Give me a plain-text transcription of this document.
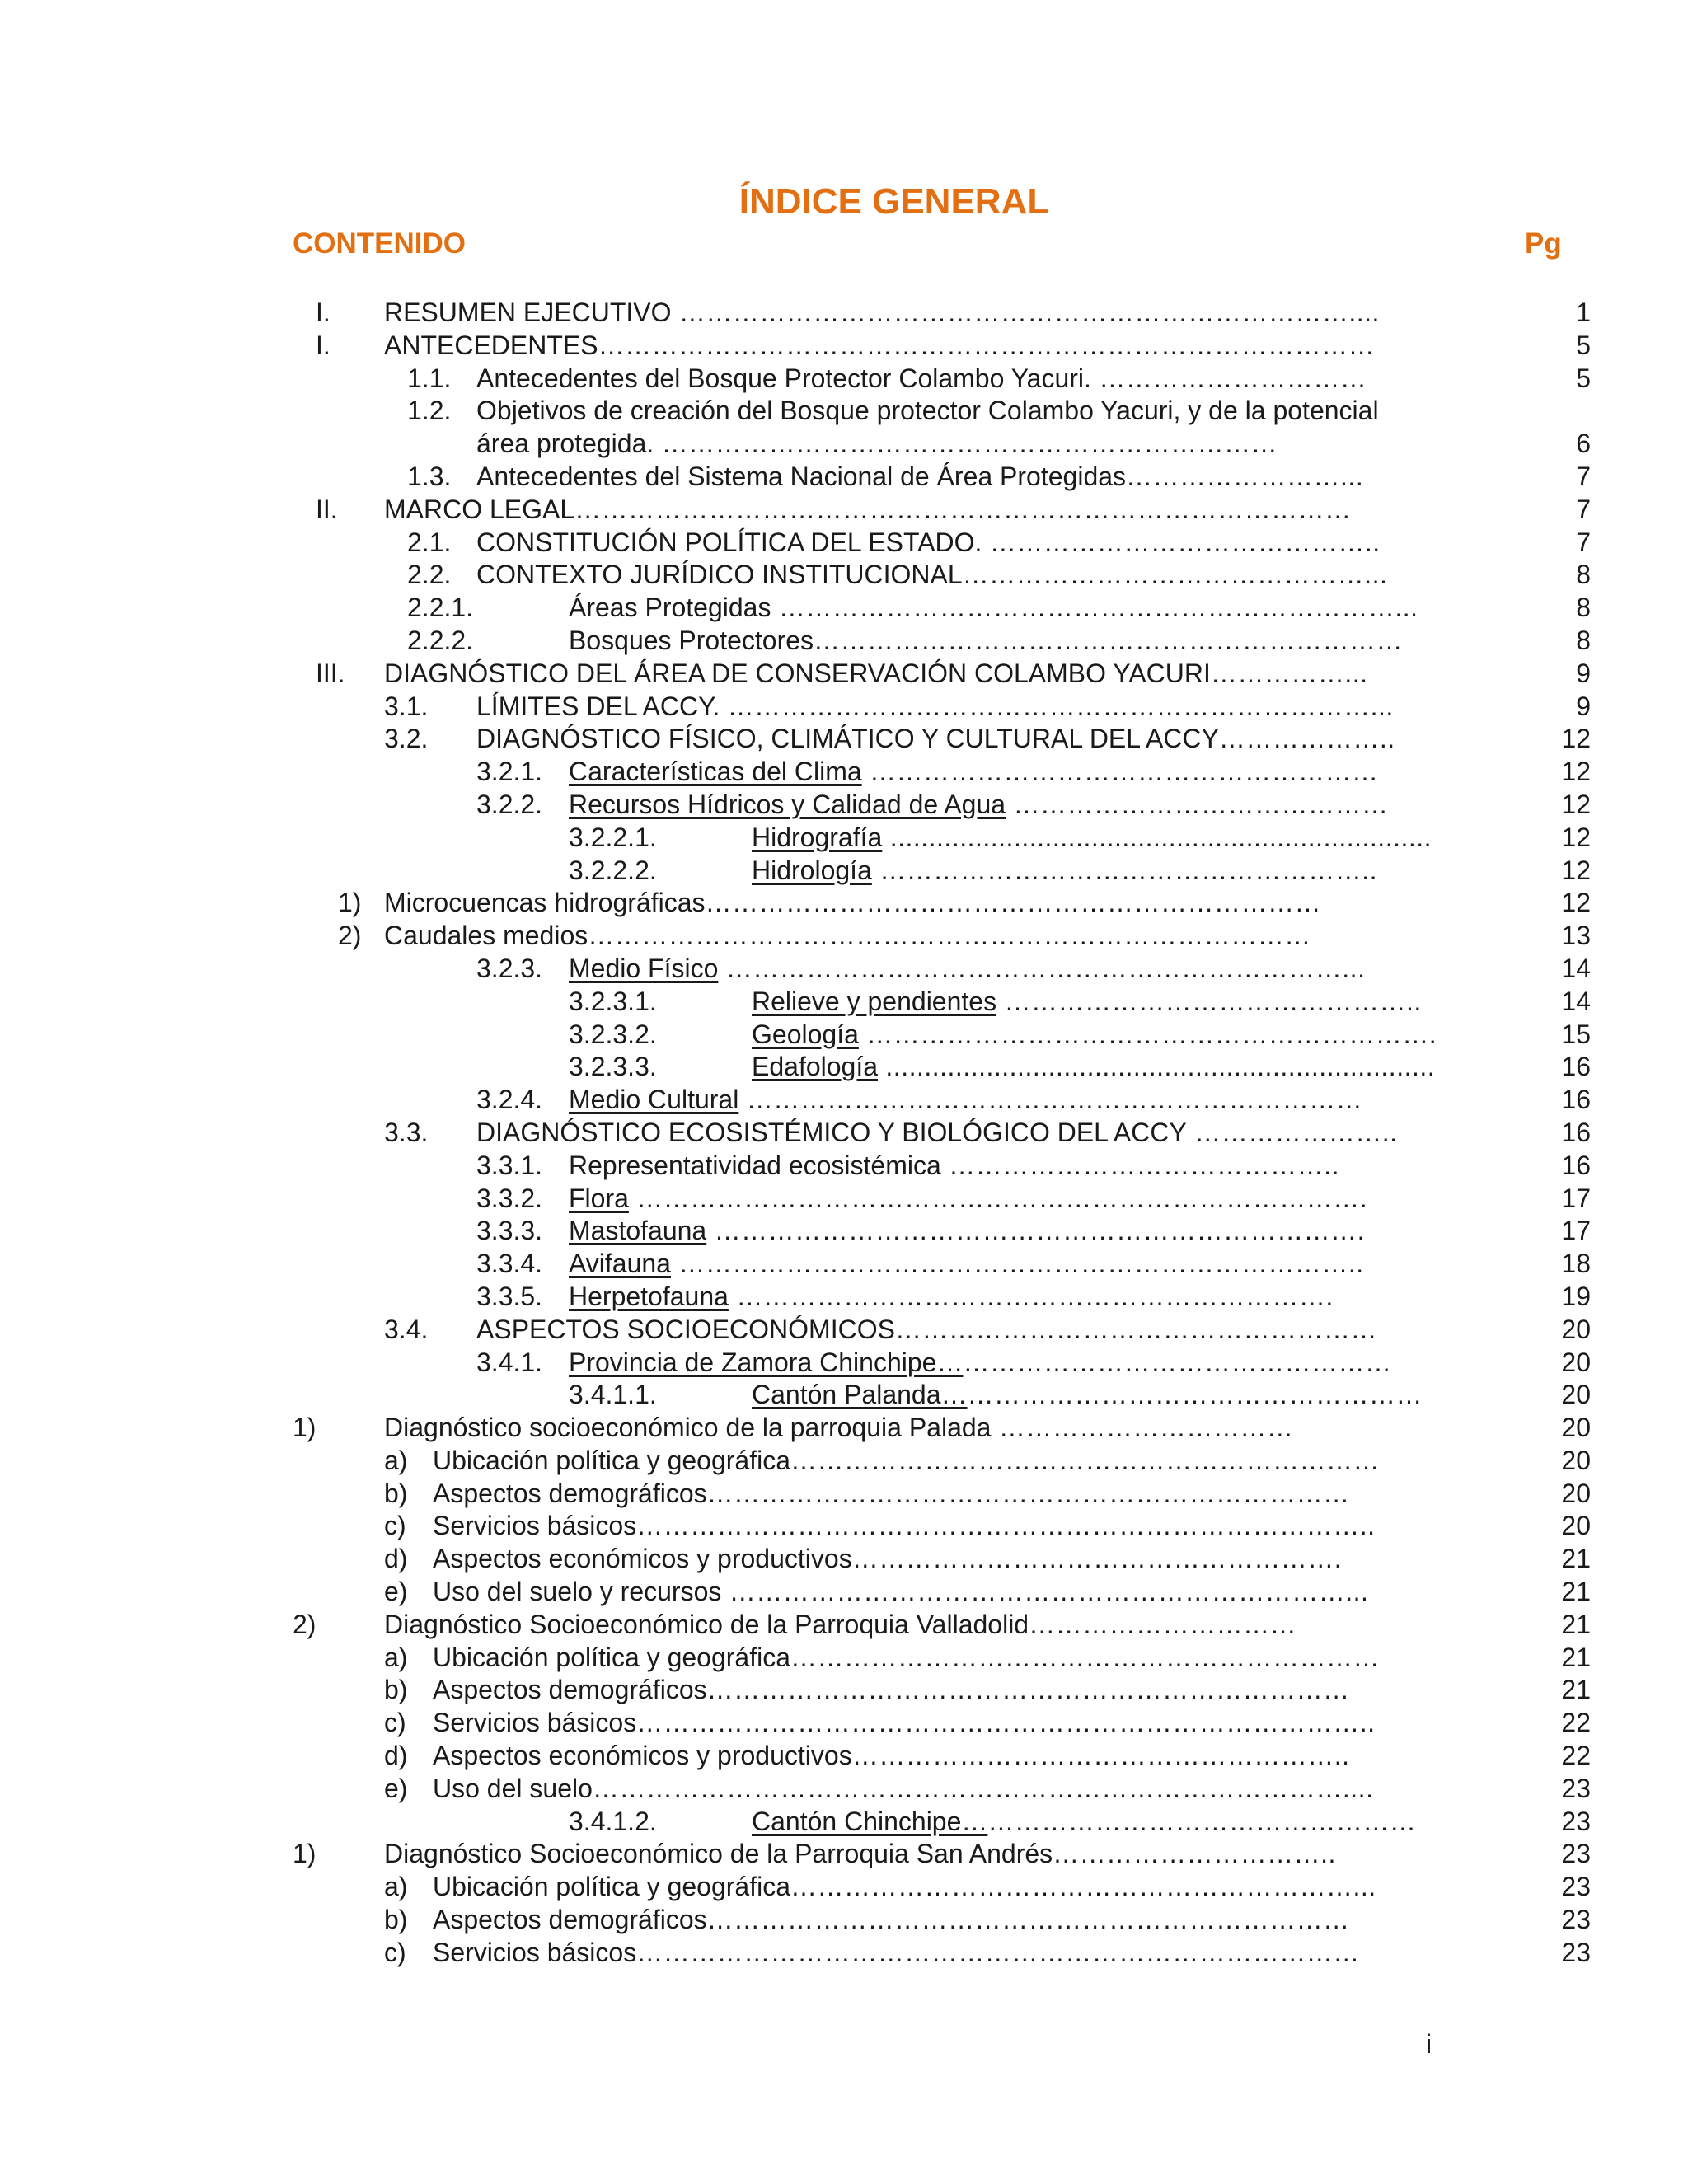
ÍNDICE GENERAL
CONTENIDO	Pg
I. RESUMEN EJECUTIVO …………………………………………………………………....	1
I. ANTECEDENTES……………………………………………………………………………	5
1.1. Antecedentes del Bosque Protector Colambo Yacuri. …………………………	5
1.2. Objetivos de creación del Bosque protector Colambo Yacuri, y de la potencial
área protegida. ……………………………………………………………	6
1.3. Antecedentes del Sistema Nacional de Área Protegidas……………………...	7
II. MARCO LEGAL……………………………………………………………………………	7
2.1. CONSTITUCIÓN POLÍTICA DEL ESTADO. ……………………………………..	7
2.2. CONTEXTO JURÍDICO INSTITUCIONAL………………………………………...	8
2.2.1.	Áreas Protegidas ……………………………………………………………...	8
2.2.2.	Bosques Protectores…………………………………………………………	8
III. DIAGNÓSTICO DEL ÁREA DE CONSERVACIÓN COLAMBO YACURI……………...	9
3.1. LÍMITES DEL ACCY. ………………………………………………………………...	9
3.2. DIAGNÓSTICO FÍSICO, CLIMÁTICO Y CULTURAL DEL ACCY………………..	12
3.2.1. Características del Clima …………………………………………………	12
3.2.2. Recursos Hídricos y Calidad de Agua ……………………………………	12
3.2.2.1.	Hidrografía ......................................................................	12
3.2.2.2.	Hidrología ………………………………………………..	12
1) Microcuencas hidrográficas……………………………………………………………	12
2) Caudales medios………………………………………………………………………	13
3.2.3. Medio Físico ……………………………………………………………...	14
3.2.3.1.	Relieve y pendientes ………………………………………..	14
3.2.3.2.	Geología ……………………………………………………….	15
3.2.3.3.	Edafología .......................................................................	16
3.2.4. Medio Cultural ……………………………………………………………	16
3.3. DIAGNÓSTICO ECOSISTÉMICO Y BIOLÓGICO DEL ACCY …………………..	16
3.3.1. Representatividad ecosistémica ……………………………………..	16
3.3.2. Flora ……………………………………………………………………….	17
3.3.3. Mastofauna ……………………………………………………………….	17
3.3.4. Avifauna …………………………………………………………………..	18
3.3.5. Herpetofauna ………………………………………………………….	19
3.4. ASPECTOS SOCIOECONÓMICOS………………………………………………	20
3.4.1. Provincia de Zamora Chinchipe……………………………………………	20
3.4.1.1.	Cantón Palanda………………………………………………	20
1)	Diagnóstico socioeconómico de la parroquia Palada ……………………………	20
a) Ubicación política y geográfica…………………………………………………………	20
b) Aspectos demográficos………………………………………………………………	20
c) Servicios básicos………………………………………………………………………..	20
d) Aspectos económicos y productivos……………………………………………….	21
e) Uso del suelo y recursos ……………………………………………………………...	21
2)	Diagnóstico Socioeconómico de la Parroquia Valladolid…………………………	21
a) Ubicación política y geográfica…………………………………………………………	21
b) Aspectos demográficos………………………………………………………………	21
c) Servicios básicos………………………………………………………………………..	22
d) Aspectos económicos y productivos………………………………………………..	22
e) Uso del suelo…………………………………………………………………………....	23
3.4.1.2.	Cantón Chinchipe……………………………………………	23
1)	Diagnóstico Socioeconómico de la Parroquia San Andrés…………………………..	23
a) Ubicación política y geográfica………………………………………………………...	23
b) Aspectos demográficos………………………………………………………………	23
c) Servicios básicos………………………………………………………………………	23
i
